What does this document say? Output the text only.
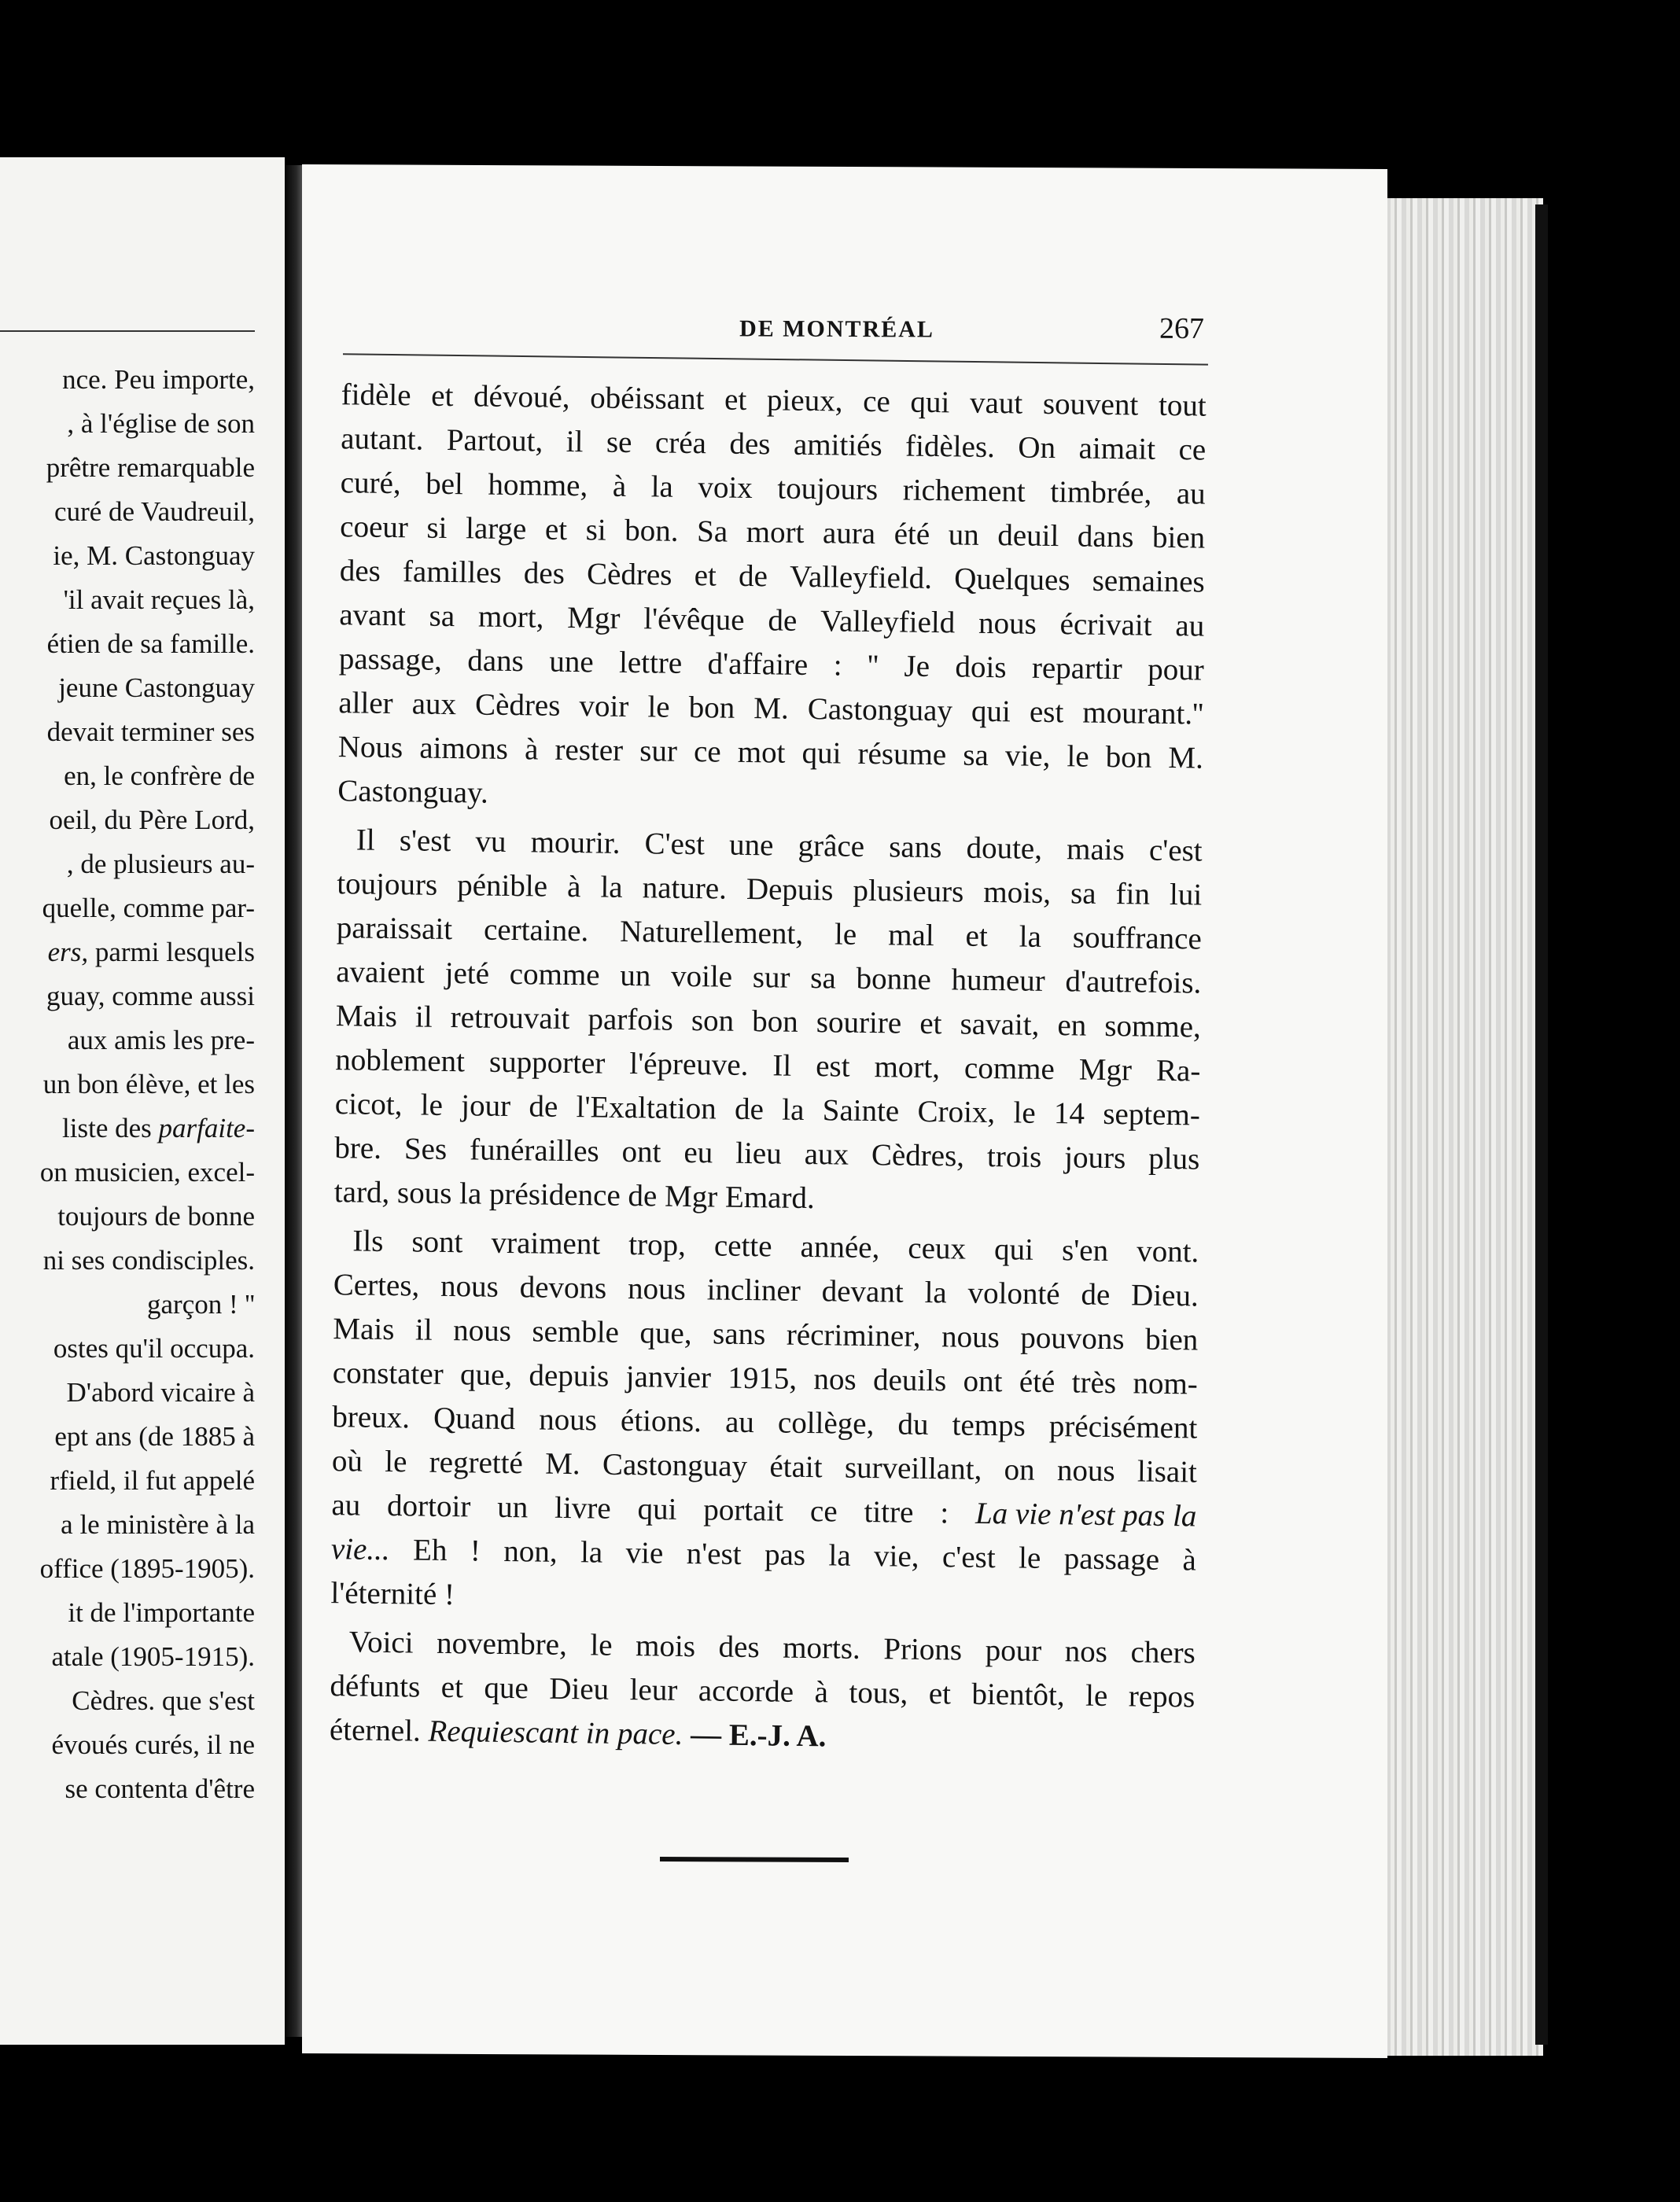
nce. Peu importe,
, à l'église de son
prêtre remarquable
curé de Vaudreuil,
ie, M. Castonguay
'il avait reçues là,
étien de sa famille.
jeune Castonguay
devait terminer ses
en, le confrère de
oeil, du Père Lord,
, de plusieurs au-
quelle, comme par-
ers, parmi lesquels
guay, comme aussi
aux amis les pre-
un bon élève, et les
liste des parfaite-
on musicien, excel-
toujours de bonne
ni ses condisciples.
garçon ! ''
ostes qu'il occupa.
D'abord vicaire à
ept ans (de 1885 à
rfield, il fut appelé
a le ministère à la
office (1895-1905).
it de l'importante
atale (1905-1915).
Cèdres. que s'est
évoués curés, il ne
se contenta d'être
DE MONTRÉAL	267
fidèle et dévoué, obéissant et pieux, ce qui vaut souvent tout
autant. Partout, il se créa des amitiés fidèles. On aimait ce
curé, bel homme, à la voix toujours richement timbrée, au
coeur si large et si bon. Sa mort aura été un deuil dans bien
des familles des Cèdres et de Valleyfield. Quelques semaines
avant sa mort, Mgr l'évêque de Valleyfield nous écrivait au
passage, dans une lettre d'affaire : '' Je dois repartir pour
aller aux Cèdres voir le bon M. Castonguay qui est mourant.''
Nous aimons à rester sur ce mot qui résume sa vie, le bon M.
Castonguay.
Il s'est vu mourir. C'est une grâce sans doute, mais c'est
toujours pénible à la nature. Depuis plusieurs mois, sa fin lui
paraissait certaine. Naturellement, le mal et la souffrance
avaient jeté comme un voile sur sa bonne humeur d'autrefois.
Mais il retrouvait parfois son bon sourire et savait, en somme,
noblement supporter l'épreuve. Il est mort, comme Mgr Ra-
cicot, le jour de l'Exaltation de la Sainte Croix, le 14 septem-
bre. Ses funérailles ont eu lieu aux Cèdres, trois jours plus
tard, sous la présidence de Mgr Emard.
Ils sont vraiment trop, cette année, ceux qui s'en vont.
Certes, nous devons nous incliner devant la volonté de Dieu.
Mais il nous semble que, sans récriminer, nous pouvons bien
constater que, depuis janvier 1915, nos deuils ont été très nom-
breux. Quand nous étions. au collège, du temps précisément
où le regretté M. Castonguay était surveillant, on nous lisait
au dortoir un livre qui portait ce titre : La vie n'est pas la
vie... Eh ! non, la vie n'est pas la vie, c'est le passage à
l'éternité !
Voici novembre, le mois des morts. Prions pour nos chers
défunts et que Dieu leur accorde à tous, et bientôt, le repos
éternel. Requiescant in pace. — E.-J. A.
